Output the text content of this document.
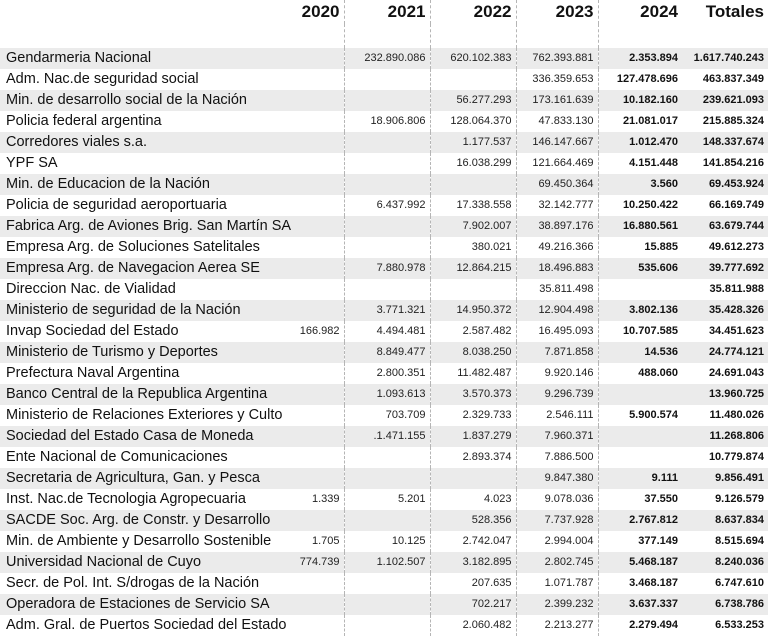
	2020	2021	2022	2023	2024	Totales

Gendarmeria Nacional		232.890.086	620.102.383	762.393.881	2.353.894	1.617.740.243
Adm. Nac.de seguridad social				336.359.653	127.478.696	463.837.349
Min. de desarrollo social de la Nación			56.277.293	173.161.639	10.182.160	239.621.093
Policia federal argentina		18.906.806	128.064.370	47.833.130	21.081.017	215.885.324
Corredores viales s.a.			1.177.537	146.147.667	1.012.470	148.337.674
YPF SA			16.038.299	121.664.469	4.151.448	141.854.216
Min. de Educacion de la Nación				69.450.364	3.560	69.453.924
Policia de seguridad aeroportuaria		6.437.992	17.338.558	32.142.777	10.250.422	66.169.749
Fabrica Arg. de Aviones Brig. San Martín SA			7.902.007	38.897.176	16.880.561	63.679.744
Empresa Arg. de Soluciones Satelitales			380.021	49.216.366	15.885	49.612.273
Empresa Arg. de Navegacion Aerea SE		7.880.978	12.864.215	18.496.883	535.606	39.777.692
Direccion Nac. de Vialidad				35.811.498		35.811.988
Ministerio de seguridad de la Nación		3.771.321	14.950.372	12.904.498	3.802.136	35.428.326
Invap Sociedad del Estado	166.982	4.494.481	2.587.482	16.495.093	10.707.585	34.451.623
Ministerio de Turismo y Deportes		8.849.477	8.038.250	7.871.858	14.536	24.774.121
Prefectura Naval Argentina		2.800.351	11.482.487	9.920.146	488.060	24.691.043
Banco Central de la Republica Argentina		1.093.613	3.570.373	9.296.739		13.960.725
Ministerio de Relaciones Exteriores y Culto		703.709	2.329.733	2.546.111	5.900.574	11.480.026
Sociedad del Estado Casa de Moneda		.1.471.155	1.837.279	7.960.371		11.268.806
Ente Nacional de Comunicaciones			2.893.374	7.886.500		10.779.874
Secretaria de Agricultura, Gan. y Pesca				9.847.380	9.111	9.856.491
Inst. Nac.de Tecnologia Agropecuaria	1.339	5.201	4.023	9.078.036	37.550	9.126.579
SACDE Soc. Arg. de Constr. y Desarrollo			528.356	7.737.928	2.767.812	8.637.834
Min. de Ambiente y Desarrollo Sostenible	1.705	10.125	2.742.047	2.994.004	377.149	8.515.694
Universidad Nacional de Cuyo	774.739	1.102.507	3.182.895	2.802.745	5.468.187	8.240.036
Secr. de Pol. Int. S/drogas de la Nación			207.635	1.071.787	3.468.187	6.747.610
Operadora de Estaciones de Servicio SA			702.217	2.399.232	3.637.337	6.738.786
Adm. Gral. de Puertos Sociedad del Estado			2.060.482	2.213.277	2.279.494	6.533.253
